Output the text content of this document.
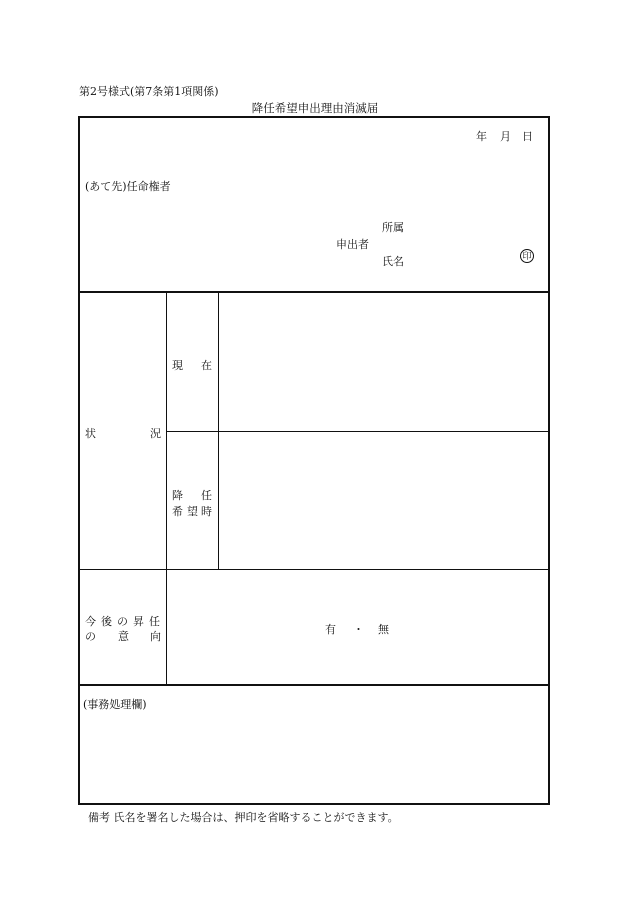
第2号様式(第7条第1項関係)
降任希望申出理由消滅届
年 月 日
(あて先)任命権者
所属
申出者
氏名	印
状	況
現 在
降 任
希 望 時
今後の昇任
の 意 向
有 ・ 無
(事務処理欄)
備考 氏名を署名した場合は、押印を省略することができます。
